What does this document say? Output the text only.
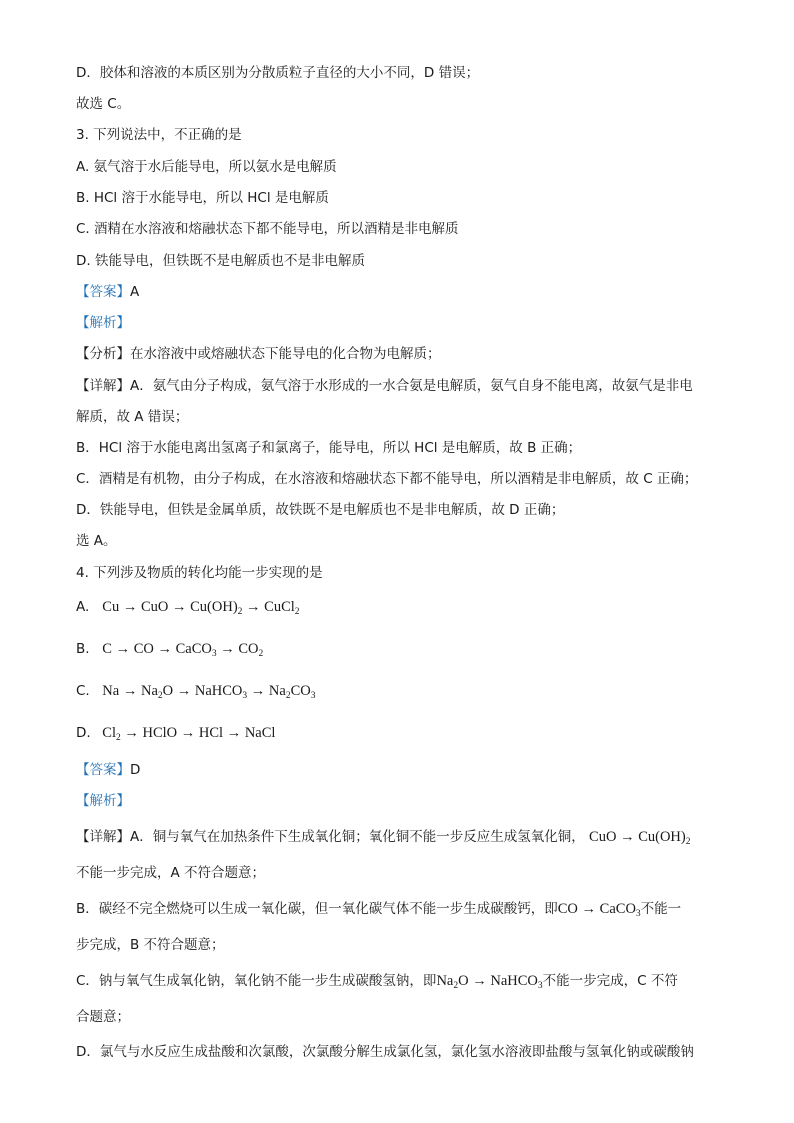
D．胶体和溶液的本质区别为分散质粒子直径的大小不同，D 错误；
故选 C。
3. 下列说法中，不正确的是
A. 氨气溶于水后能导电，所以氨水是电解质
B. HCl 溶于水能导电，所以 HCl 是电解质
C. 酒精在水溶液和熔融状态下都不能导电，所以酒精是非电解质
D. 铁能导电，但铁既不是电解质也不是非电解质
【答案】A
【解析】
【分析】在水溶液中或熔融状态下能导电的化合物为电解质；
【详解】A．氨气由分子构成，氨气溶于水形成的一水合氨是电解质，氨气自身不能电离，故氨气是非电
解质，故 A 错误；
B．HCl 溶于水能电离出氢离子和氯离子，能导电，所以 HCl 是电解质，故 B 正确；
C．酒精是有机物，由分子构成，在水溶液和熔融状态下都不能导电，所以酒精是非电解质，故 C 正确；
D．铁能导电，但铁是金属单质，故铁既不是电解质也不是非电解质，故 D 正确；
选 A。
4. 下列涉及物质的转化均能一步实现的是
A. Cu → CuO → $Cu(OH)_2$ → CuCl$_2$
B. C → CO → CaCO$_3$ → $CO_2$
C. $Na \to Na_2O$ → NaHCO$_3$ → $Na_2CO_3$
D. $Cl_2$ → HClO → HCl → NaCl
【答案】D
【解析】
【详解】A．铜与氧气在加热条件下生成氧化铜；氧化铜不能一步反应生成氢氧化铜， CuO → $Cu(OH)_2$
不能一步完成，A 不符合题意；
B．碳经不完全燃烧可以生成一氧化碳，但一氧化碳气体不能一步生成碳酸钙，即CO → CaCO$_3$不能一
步完成，B 不符合题意；
C．钠与氧气生成氧化钠，氧化钠不能一步生成碳酸氢钠，即$Na_2O$ → NaHCO$_3$不能一步完成，C 不符
合题意；
D．氯气与水反应生成盐酸和次氯酸，次氯酸分解生成氯化氢，氯化氢水溶液即盐酸与氢氧化钠或碳酸钠
